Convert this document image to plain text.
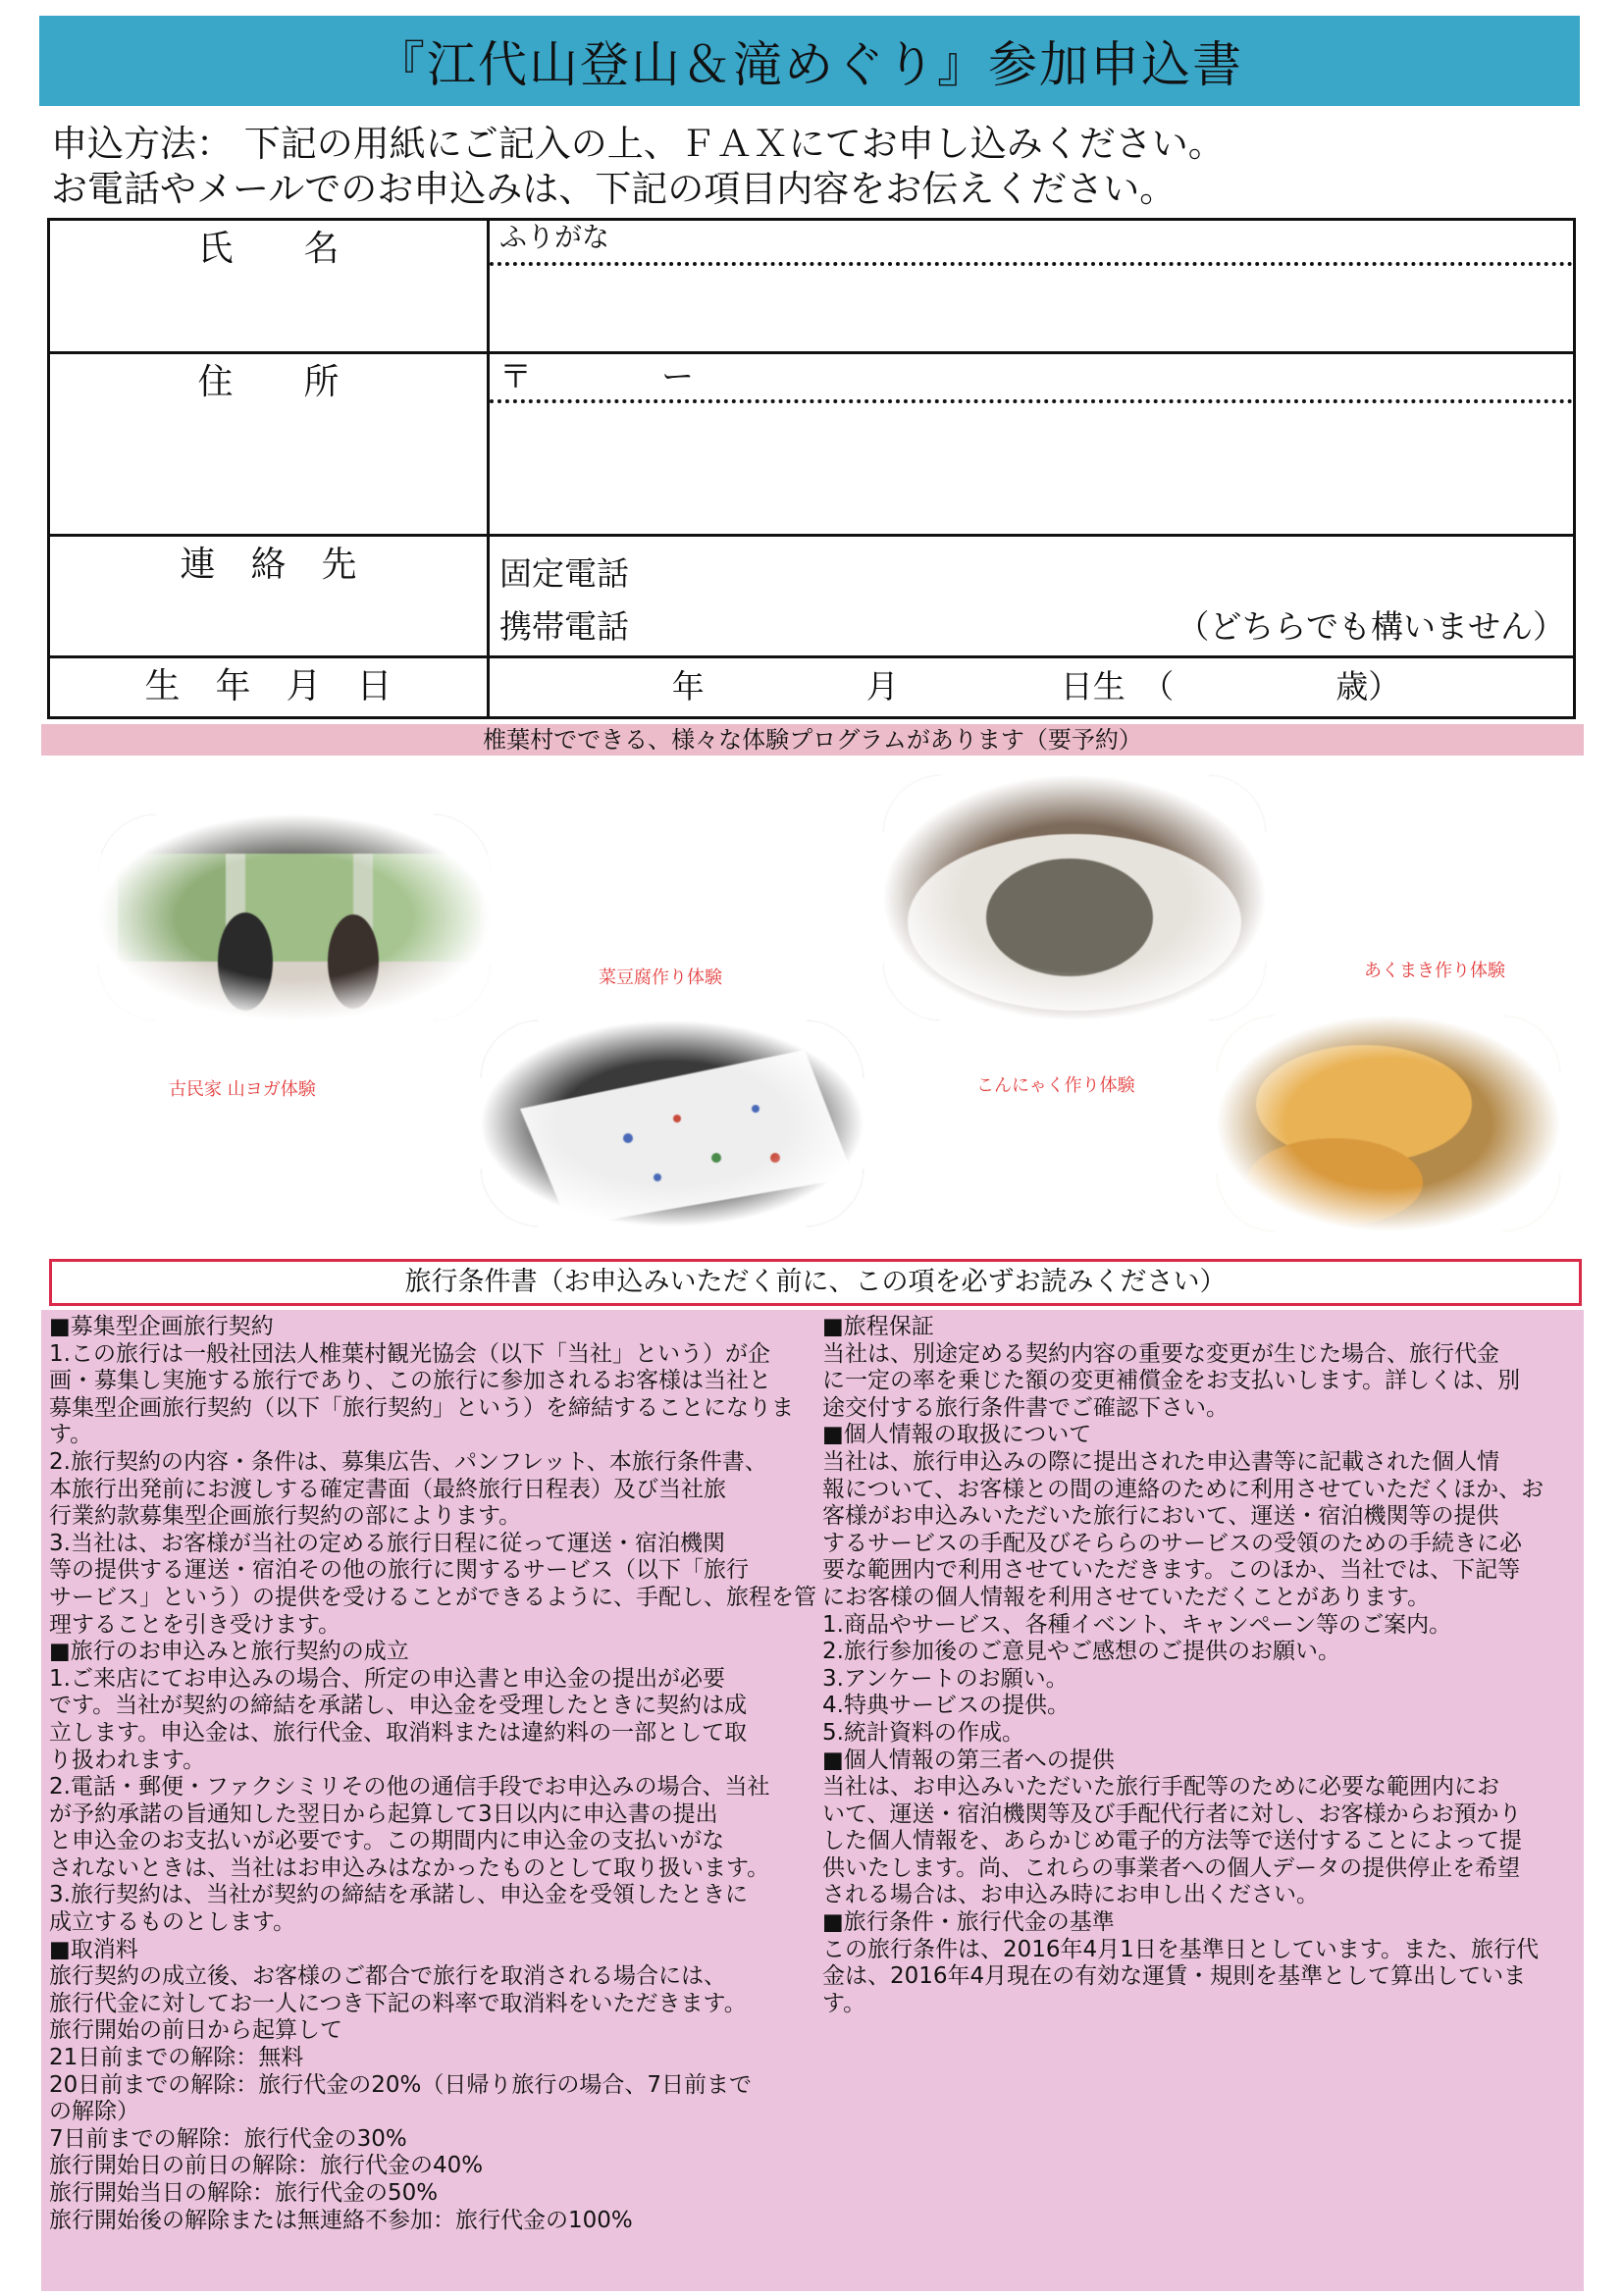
『江代山登山＆滝めぐり』参加申込書
申込方法： 下記の用紙にご記入の上、ＦＡＸにてお申し込みください。
お電話やメールでのお申込みは、下記の項目内容をお伝えください。
氏　　名	ふりがな

住　　所	〒　　　　ー

連　絡　先	固定電話
携帯電話 （どちらでも構いません）

生　年　月　日	年　　　　　月　　　　　日生　（　　　　　歳）
椎葉村でできる、様々な体験プログラムがあります（要予約）
古民家 山ヨガ体験
菜豆腐作り体験
こんにゃく作り体験
あくまき作り体験
旅行条件書（お申込みいただく前に、この項を必ずお読みください）

■募集型企画旅行契約

1.この旅行は一般社団法人椎葉村観光協会（以下「当社」という）が企

画・募集し実施する旅行であり、この旅行に参加されるお客様は当社と

募集型企画旅行契約（以下「旅行契約」という）を締結することになりま

す。

2.旅行契約の内容・条件は、募集広告、パンフレット、本旅行条件書、

本旅行出発前にお渡しする確定書面（最終旅行日程表）及び当社旅

行業約款募集型企画旅行契約の部によります。

3.当社は、お客様が当社の定める旅行日程に従って運送・宿泊機関

等の提供する運送・宿泊その他の旅行に関するサービス（以下「旅行

サービス」という）の提供を受けることができるように、手配し、旅程を管

理することを引き受けます。

■旅行のお申込みと旅行契約の成立

1.ご来店にてお申込みの場合、所定の申込書と申込金の提出が必要

です。当社が契約の締結を承諾し、申込金を受理したときに契約は成

立します。申込金は、旅行代金、取消料または違約料の一部として取

り扱われます。

2.電話・郵便・ファクシミリその他の通信手段でお申込みの場合、当社

が予約承諾の旨通知した翌日から起算して3日以内に申込書の提出

と申込金のお支払いが必要です。この期間内に申込金の支払いがな

されないときは、当社はお申込みはなかったものとして取り扱います。

3.旅行契約は、当社が契約の締結を承諾し、申込金を受領したときに

成立するものとします。

■取消料

旅行契約の成立後、お客様のご都合で旅行を取消される場合には、

旅行代金に対してお一人につき下記の料率で取消料をいただきます。

旅行開始の前日から起算して

21日前までの解除：無料

20日前までの解除：旅行代金の20%（日帰り旅行の場合、7日前まで

の解除）

7日前までの解除：旅行代金の30%

旅行開始日の前日の解除：旅行代金の40%

旅行開始当日の解除：旅行代金の50%

旅行開始後の解除または無連絡不参加：旅行代金の100%

■旅程保証

当社は、別途定める契約内容の重要な変更が生じた場合、旅行代金

に一定の率を乗じた額の変更補償金をお支払いします。詳しくは、別

途交付する旅行条件書でご確認下さい。

■個人情報の取扱について

当社は、旅行申込みの際に提出された申込書等に記載された個人情

報について、お客様との間の連絡のために利用させていただくほか、お

客様がお申込みいただいた旅行において、運送・宿泊機関等の提供

するサービスの手配及びそららのサービスの受領のための手続きに必

要な範囲内で利用させていただきます。このほか、当社では、下記等

にお客様の個人情報を利用させていただくことがあります。

1.商品やサービス、各種イベント、キャンペーン等のご案内。

2.旅行参加後のご意見やご感想のご提供のお願い。

3.アンケートのお願い。

4.特典サービスの提供。

5.統計資料の作成。

■個人情報の第三者への提供

当社は、お申込みいただいた旅行手配等のために必要な範囲内にお

いて、運送・宿泊機関等及び手配代行者に対し、お客様からお預かり

した個人情報を、あらかじめ電子的方法等で送付することによって提

供いたします。尚、これらの事業者への個人データの提供停止を希望

される場合は、お申込み時にお申し出ください。

■旅行条件・旅行代金の基準

この旅行条件は、2016年4月1日を基準日としています。また、旅行代

金は、2016年4月現在の有効な運賃・規則を基準として算出していま

す。
